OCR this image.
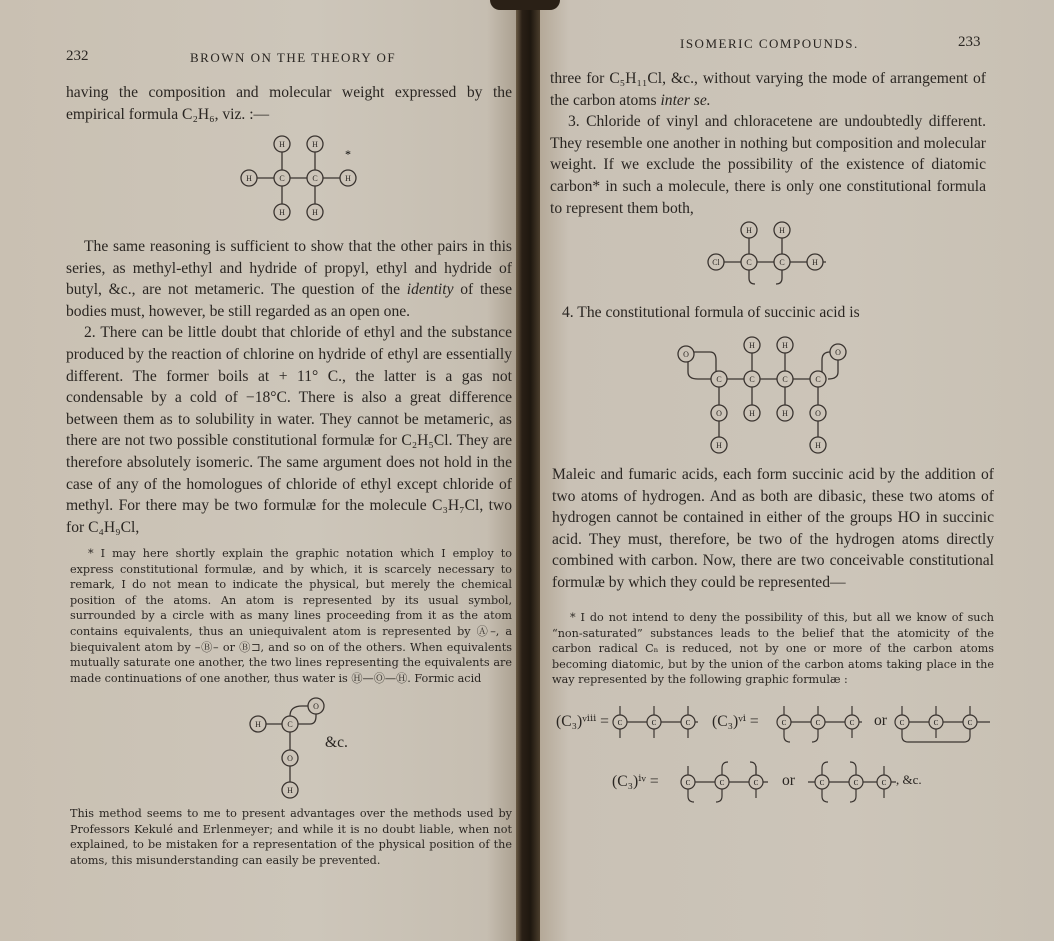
232	BROWN ON THE THEORY OF

having the composition and molecular weight expressed by the empirical formula C₂H₆, viz. :—

H	H
H	C	C	H
H	H
*

The same reasoning is sufficient to show that the other pairs in this series, as methyl-ethyl and hydride of propyl, ethyl and hydride of butyl, &c., are not metameric. The question of the identity of these bodies must, however, be still regarded as an open one.

2. There can be little doubt that chloride of ethyl and the substance produced by the reaction of chlorine on hydride of ethyl are essentially different. The former boils at + 11° C., the latter is a gas not condensable by a cold of −18°C. There is also a great difference between them as to solubility in water. They cannot be metameric, as there are not two possible constitutional formulæ for C₂H₅Cl. They are therefore absolutely isomeric. The same argument does not hold in the case of any of the homologues of chloride of ethyl except chloride of methyl. For there may be two formulæ for the molecule C₃H₇Cl, two for C₄H₉Cl,

* I may here shortly explain the graphic notation which I employ to express constitutional formulæ, and by which, it is scarcely necessary to remark, I do not mean to indicate the physical, but merely the chemical position of the atoms. An atom is represented by its usual symbol, surrounded by a circle with as many lines proceeding from it as the atom contains equivalents, thus an uniequivalent atom is represented by Ⓐ–, a biequivalent atom by –Ⓑ– or Ⓑ⊐, and so on of the others. When equivalents mutually saturate one another, the two lines representing the equivalents are made continuations of one another, thus water is Ⓗ—Ⓞ—Ⓗ. Formic acid

H	C
O
O
H
&c.

This method seems to me to present advantages over the methods used by Professors Kekulé and Erlenmeyer; and while it is no doubt liable, when not explained, to be mistaken for a representation of the physical position of the atoms, this misunderstanding can easily be prevented.

ISOMERIC COMPOUNDS.	233

three for C₅H₁₁Cl, &c., without varying the mode of arrangement of the carbon atoms inter se.

3. Chloride of vinyl and chloracetene are undoubtedly different. They resemble one another in nothing but composition and molecular weight. If we exclude the possibility of the existence of diatomic carbon* in such a molecule, there is only one constitutional formula to represent them both,

Cl	C	C	H
H	H

4. The constitutional formula of succinic acid is

O	O
C	C	C	C
H	H
O	H	H	O
H	H

Maleic and fumaric acids, each form succinic acid by the addition of two atoms of hydrogen. And as both are dibasic, these two atoms of hydrogen cannot be contained in either of the groups HO in succinic acid. They must, therefore, be two of the hydrogen atoms directly combined with carbon. Now, there are two conceivable constitutional formulæ by which they could be represented—

* I do not intend to deny the possibility of this, but all we know of such “non-saturated” substances leads to the belief that the atomicity of the carbon radical Cₙ is reduced, not by one or more of the carbon atoms becoming diatomic, but by the union of the carbon atoms taking place in the way represented by the following graphic formulæ :

(C₃)ᵛⁱⁱⁱ = C	C	C (C₃)ᵛⁱ =	C	C	C or C	C	C
(C₃)ⁱᵛ =	C	C	C or	C	C	C , &c.
